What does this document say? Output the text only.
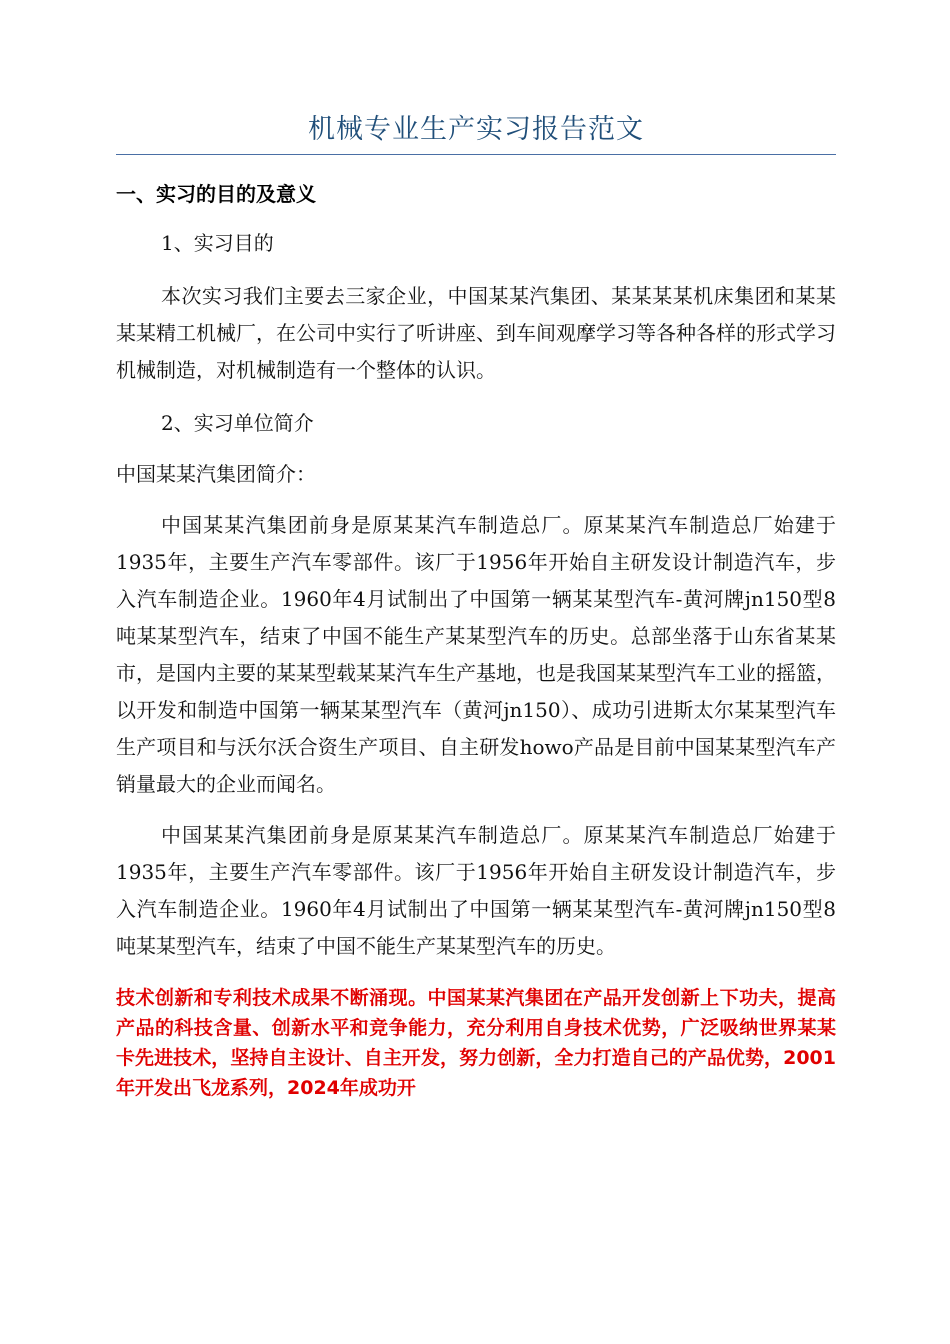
机械专业生产实习报告范文
一、实习的目的及意义
1、实习目的

本次实习我们主要去三家企业，中国某某汽集团、某某某某机床集团和某某某某精工机械厂，在公司中实行了听讲座、到车间观摩学习等各种各样的形式学习机械制造，对机械制造有一个整体的认识。

2、实习单位简介

中国某某汽集团简介：

中国某某汽集团前身是原某某汽车制造总厂。原某某汽车制造总厂始建于1935年，主要生产汽车零部件。该厂于1956年开始自主研发设计制造汽车，步入汽车制造企业。1960年4月试制出了中国第一辆某某型汽车-黄河牌jn150型8吨某某型汽车，结束了中国不能生产某某型汽车的历史。总部坐落于山东省某某市，是国内主要的某某型载某某汽车生产基地，也是我国某某型汽车工业的摇篮，以开发和制造中国第一辆某某型汽车（黄河jn150）、成功引进斯太尔某某型汽车生产项目和与沃尔沃合资生产项目、自主研发howo产品是目前中国某某型汽车产销量最大的企业而闻名。

中国某某汽集团前身是原某某汽车制造总厂。原某某汽车制造总厂始建于1935年，主要生产汽车零部件。该厂于1956年开始自主研发设计制造汽车，步入汽车制造企业。1960年4月试制出了中国第一辆某某型汽车-黄河牌jn150型8吨某某型汽车，结束了中国不能生产某某型汽车的历史。

技术创新和专利技术成果不断涌现。中国某某汽集团在产品开发创新上下功夫，提高产品的科技含量、创新水平和竞争能力，充分利用自身技术优势，广泛吸纳世界某某卡先进技术，坚持自主设计、自主开发，努力创新，全力打造自己的产品优势，2001年开发出飞龙系列，2024年成功开
